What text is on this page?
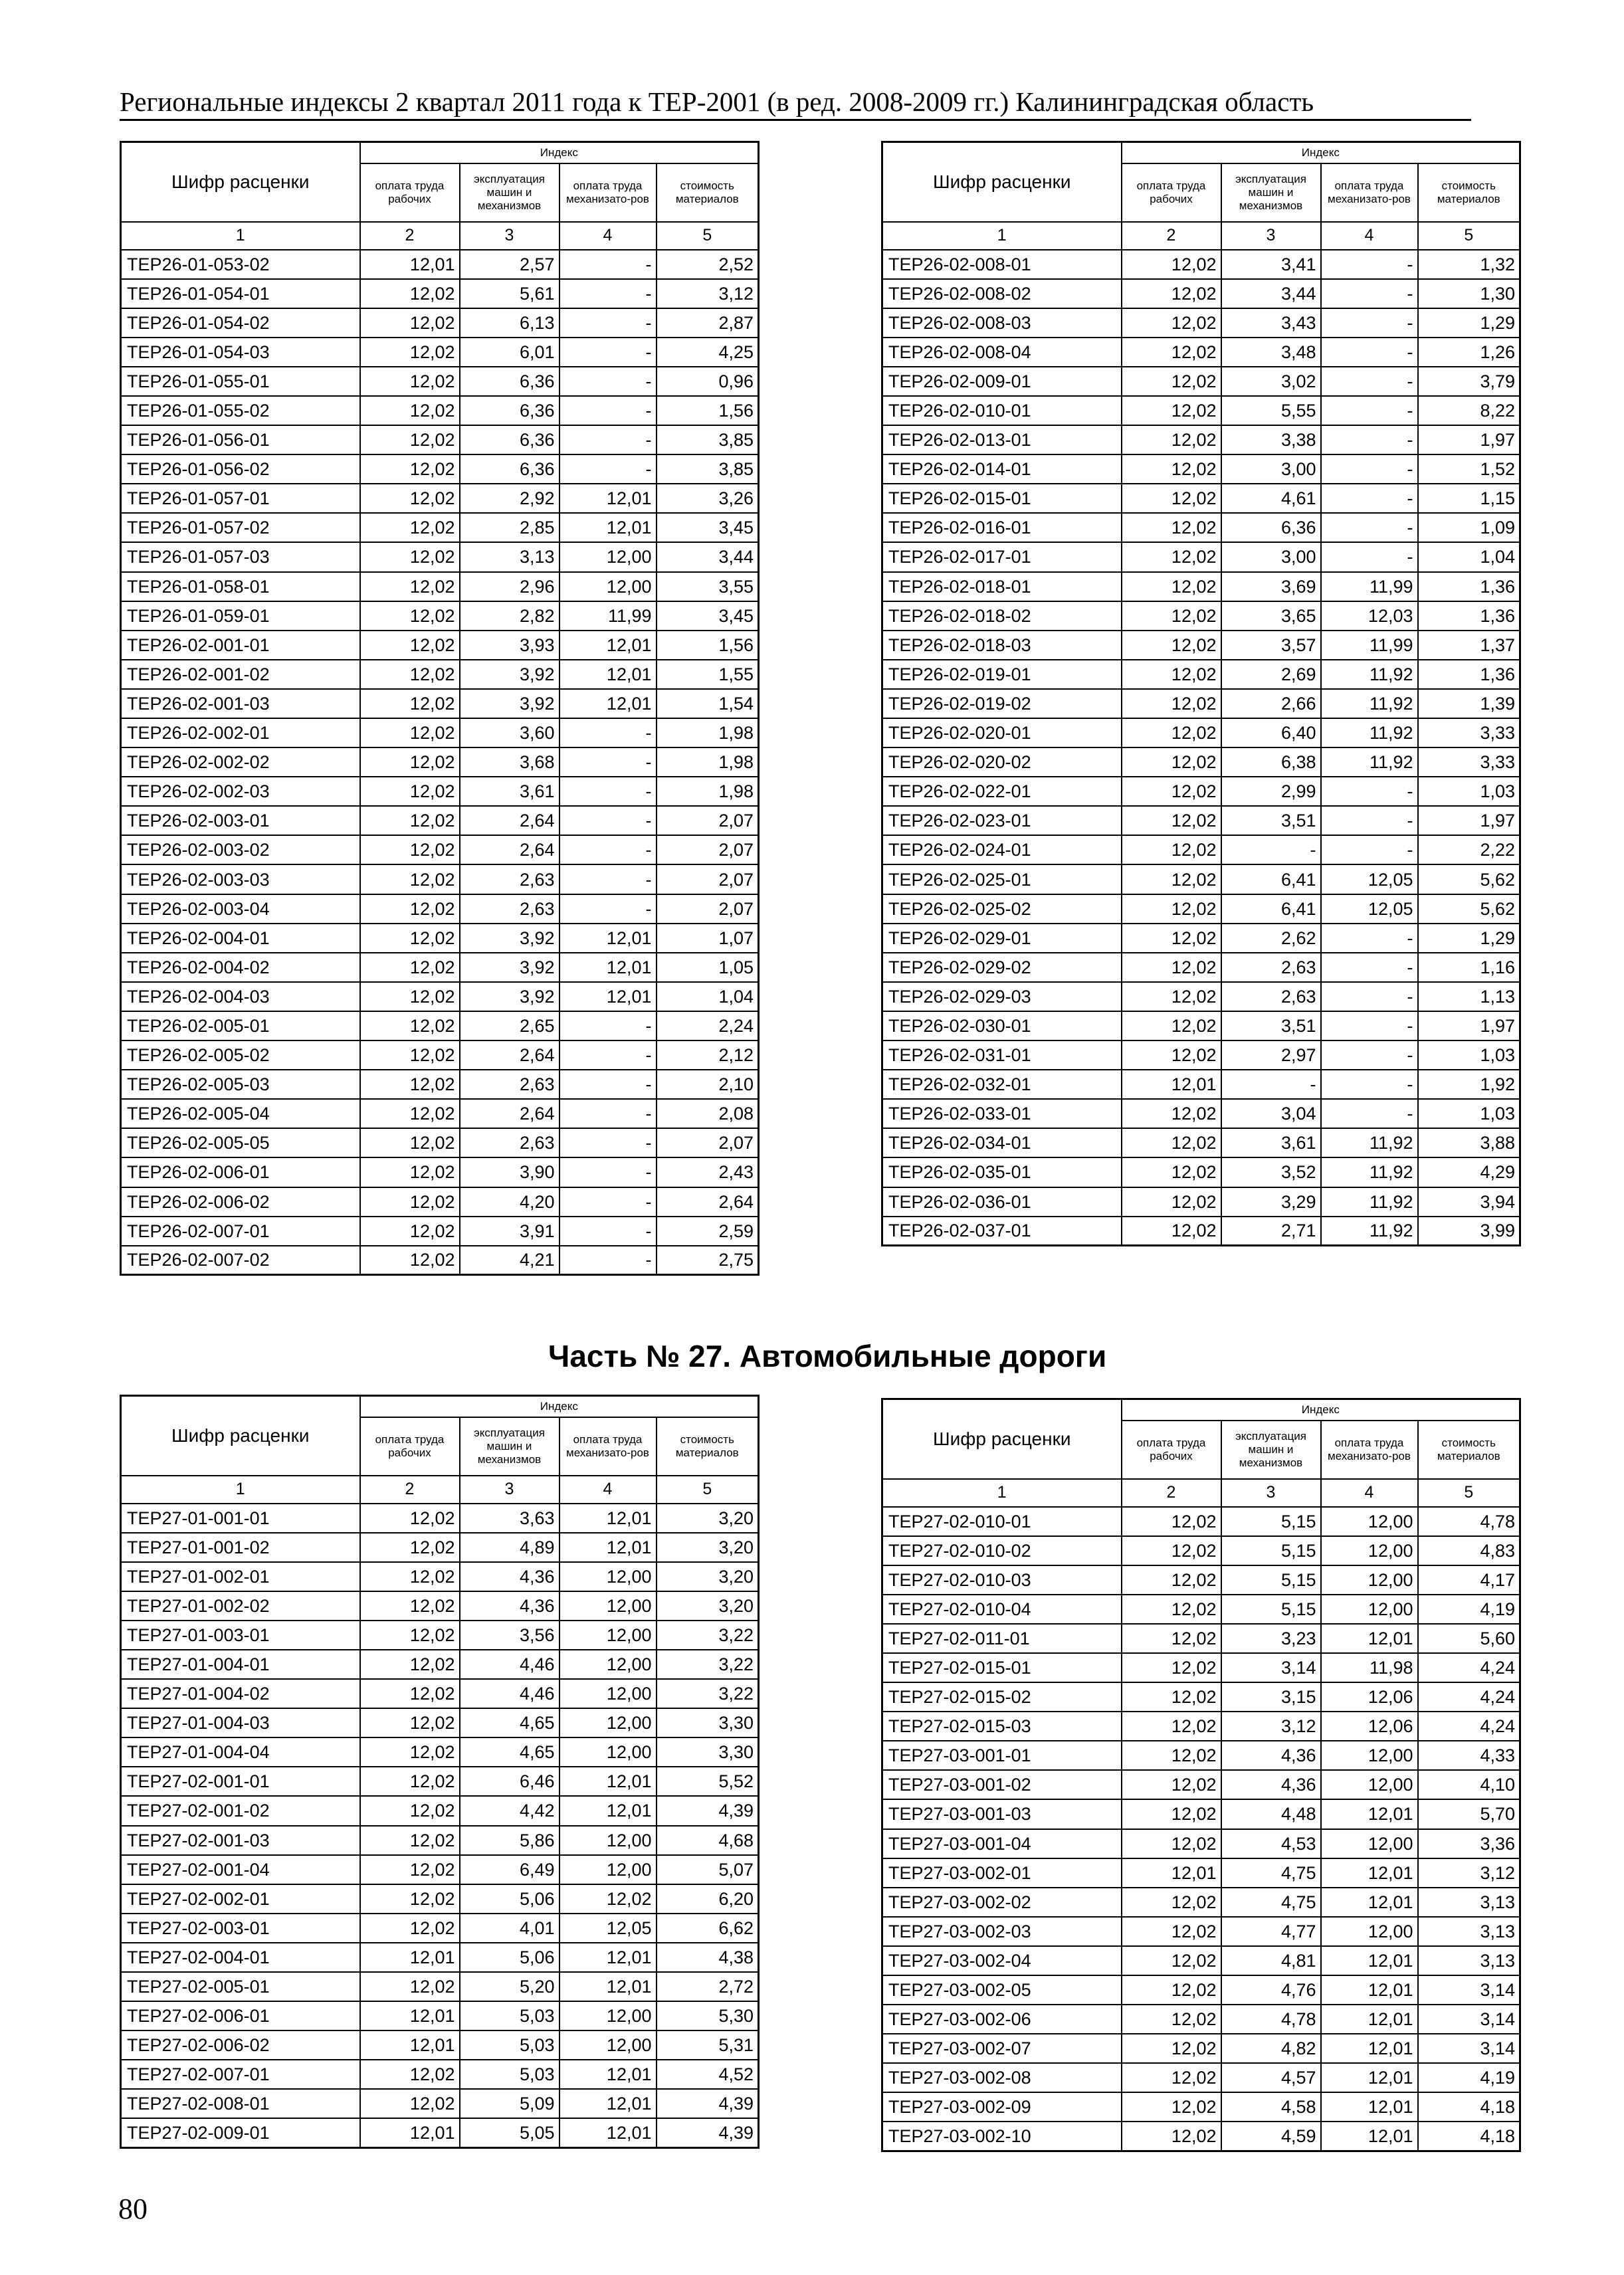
Региональные индексы 2 квартал 2011 года к ТЕР-2001 (в ред. 2008-2009 гг.) Калининградская область
Шифр расценки	Индекс			
	оплата труда рабочих	эксплуатация машин и механизмов	оплата труда механизато-ров	стоимость материалов
1	2	3	4	5
ТЕР26-01-053-02	12,01	2,57	-	2,52
ТЕР26-01-054-01	12,02	5,61	-	3,12
ТЕР26-01-054-02	12,02	6,13	-	2,87
ТЕР26-01-054-03	12,02	6,01	-	4,25
ТЕР26-01-055-01	12,02	6,36	-	0,96
ТЕР26-01-055-02	12,02	6,36	-	1,56
ТЕР26-01-056-01	12,02	6,36	-	3,85
ТЕР26-01-056-02	12,02	6,36	-	3,85
ТЕР26-01-057-01	12,02	2,92	12,01	3,26
ТЕР26-01-057-02	12,02	2,85	12,01	3,45
ТЕР26-01-057-03	12,02	3,13	12,00	3,44
ТЕР26-01-058-01	12,02	2,96	12,00	3,55
ТЕР26-01-059-01	12,02	2,82	11,99	3,45
ТЕР26-02-001-01	12,02	3,93	12,01	1,56
ТЕР26-02-001-02	12,02	3,92	12,01	1,55
ТЕР26-02-001-03	12,02	3,92	12,01	1,54
ТЕР26-02-002-01	12,02	3,60	-	1,98
ТЕР26-02-002-02	12,02	3,68	-	1,98
ТЕР26-02-002-03	12,02	3,61	-	1,98
ТЕР26-02-003-01	12,02	2,64	-	2,07
ТЕР26-02-003-02	12,02	2,64	-	2,07
ТЕР26-02-003-03	12,02	2,63	-	2,07
ТЕР26-02-003-04	12,02	2,63	-	2,07
ТЕР26-02-004-01	12,02	3,92	12,01	1,07
ТЕР26-02-004-02	12,02	3,92	12,01	1,05
ТЕР26-02-004-03	12,02	3,92	12,01	1,04
ТЕР26-02-005-01	12,02	2,65	-	2,24
ТЕР26-02-005-02	12,02	2,64	-	2,12
ТЕР26-02-005-03	12,02	2,63	-	2,10
ТЕР26-02-005-04	12,02	2,64	-	2,08
ТЕР26-02-005-05	12,02	2,63	-	2,07
ТЕР26-02-006-01	12,02	3,90	-	2,43
ТЕР26-02-006-02	12,02	4,20	-	2,64
ТЕР26-02-007-01	12,02	3,91	-	2,59
ТЕР26-02-007-02	12,02	4,21	-	2,75
Шифр расценки	Индекс			
	оплата труда рабочих	эксплуатация машин и механизмов	оплата труда механизато-ров	стоимость материалов
1	2	3	4	5
ТЕР26-02-008-01	12,02	3,41	-	1,32
ТЕР26-02-008-02	12,02	3,44	-	1,30
ТЕР26-02-008-03	12,02	3,43	-	1,29
ТЕР26-02-008-04	12,02	3,48	-	1,26
ТЕР26-02-009-01	12,02	3,02	-	3,79
ТЕР26-02-010-01	12,02	5,55	-	8,22
ТЕР26-02-013-01	12,02	3,38	-	1,97
ТЕР26-02-014-01	12,02	3,00	-	1,52
ТЕР26-02-015-01	12,02	4,61	-	1,15
ТЕР26-02-016-01	12,02	6,36	-	1,09
ТЕР26-02-017-01	12,02	3,00	-	1,04
ТЕР26-02-018-01	12,02	3,69	11,99	1,36
ТЕР26-02-018-02	12,02	3,65	12,03	1,36
ТЕР26-02-018-03	12,02	3,57	11,99	1,37
ТЕР26-02-019-01	12,02	2,69	11,92	1,36
ТЕР26-02-019-02	12,02	2,66	11,92	1,39
ТЕР26-02-020-01	12,02	6,40	11,92	3,33
ТЕР26-02-020-02	12,02	6,38	11,92	3,33
ТЕР26-02-022-01	12,02	2,99	-	1,03
ТЕР26-02-023-01	12,02	3,51	-	1,97
ТЕР26-02-024-01	12,02	-	-	2,22
ТЕР26-02-025-01	12,02	6,41	12,05	5,62
ТЕР26-02-025-02	12,02	6,41	12,05	5,62
ТЕР26-02-029-01	12,02	2,62	-	1,29
ТЕР26-02-029-02	12,02	2,63	-	1,16
ТЕР26-02-029-03	12,02	2,63	-	1,13
ТЕР26-02-030-01	12,02	3,51	-	1,97
ТЕР26-02-031-01	12,02	2,97	-	1,03
ТЕР26-02-032-01	12,01	-	-	1,92
ТЕР26-02-033-01	12,02	3,04	-	1,03
ТЕР26-02-034-01	12,02	3,61	11,92	3,88
ТЕР26-02-035-01	12,02	3,52	11,92	4,29
ТЕР26-02-036-01	12,02	3,29	11,92	3,94
ТЕР26-02-037-01	12,02	2,71	11,92	3,99
Часть № 27. Автомобильные дороги
Шифр расценки	Индекс			
	оплата труда рабочих	эксплуатация машин и механизмов	оплата труда механизато-ров	стоимость материалов
1	2	3	4	5
ТЕР27-01-001-01	12,02	3,63	12,01	3,20
ТЕР27-01-001-02	12,02	4,89	12,01	3,20
ТЕР27-01-002-01	12,02	4,36	12,00	3,20
ТЕР27-01-002-02	12,02	4,36	12,00	3,20
ТЕР27-01-003-01	12,02	3,56	12,00	3,22
ТЕР27-01-004-01	12,02	4,46	12,00	3,22
ТЕР27-01-004-02	12,02	4,46	12,00	3,22
ТЕР27-01-004-03	12,02	4,65	12,00	3,30
ТЕР27-01-004-04	12,02	4,65	12,00	3,30
ТЕР27-02-001-01	12,02	6,46	12,01	5,52
ТЕР27-02-001-02	12,02	4,42	12,01	4,39
ТЕР27-02-001-03	12,02	5,86	12,00	4,68
ТЕР27-02-001-04	12,02	6,49	12,00	5,07
ТЕР27-02-002-01	12,02	5,06	12,02	6,20
ТЕР27-02-003-01	12,02	4,01	12,05	6,62
ТЕР27-02-004-01	12,01	5,06	12,01	4,38
ТЕР27-02-005-01	12,02	5,20	12,01	2,72
ТЕР27-02-006-01	12,01	5,03	12,00	5,30
ТЕР27-02-006-02	12,01	5,03	12,00	5,31
ТЕР27-02-007-01	12,02	5,03	12,01	4,52
ТЕР27-02-008-01	12,02	5,09	12,01	4,39
ТЕР27-02-009-01	12,01	5,05	12,01	4,39
Шифр расценки	Индекс			
	оплата труда рабочих	эксплуатация машин и механизмов	оплата труда механизато-ров	стоимость материалов
1	2	3	4	5
ТЕР27-02-010-01	12,02	5,15	12,00	4,78
ТЕР27-02-010-02	12,02	5,15	12,00	4,83
ТЕР27-02-010-03	12,02	5,15	12,00	4,17
ТЕР27-02-010-04	12,02	5,15	12,00	4,19
ТЕР27-02-011-01	12,02	3,23	12,01	5,60
ТЕР27-02-015-01	12,02	3,14	11,98	4,24
ТЕР27-02-015-02	12,02	3,15	12,06	4,24
ТЕР27-02-015-03	12,02	3,12	12,06	4,24
ТЕР27-03-001-01	12,02	4,36	12,00	4,33
ТЕР27-03-001-02	12,02	4,36	12,00	4,10
ТЕР27-03-001-03	12,02	4,48	12,01	5,70
ТЕР27-03-001-04	12,02	4,53	12,00	3,36
ТЕР27-03-002-01	12,01	4,75	12,01	3,12
ТЕР27-03-002-02	12,02	4,75	12,01	3,13
ТЕР27-03-002-03	12,02	4,77	12,00	3,13
ТЕР27-03-002-04	12,02	4,81	12,01	3,13
ТЕР27-03-002-05	12,02	4,76	12,01	3,14
ТЕР27-03-002-06	12,02	4,78	12,01	3,14
ТЕР27-03-002-07	12,02	4,82	12,01	3,14
ТЕР27-03-002-08	12,02	4,57	12,01	4,19
ТЕР27-03-002-09	12,02	4,58	12,01	4,18
ТЕР27-03-002-10	12,02	4,59	12,01	4,18
80
